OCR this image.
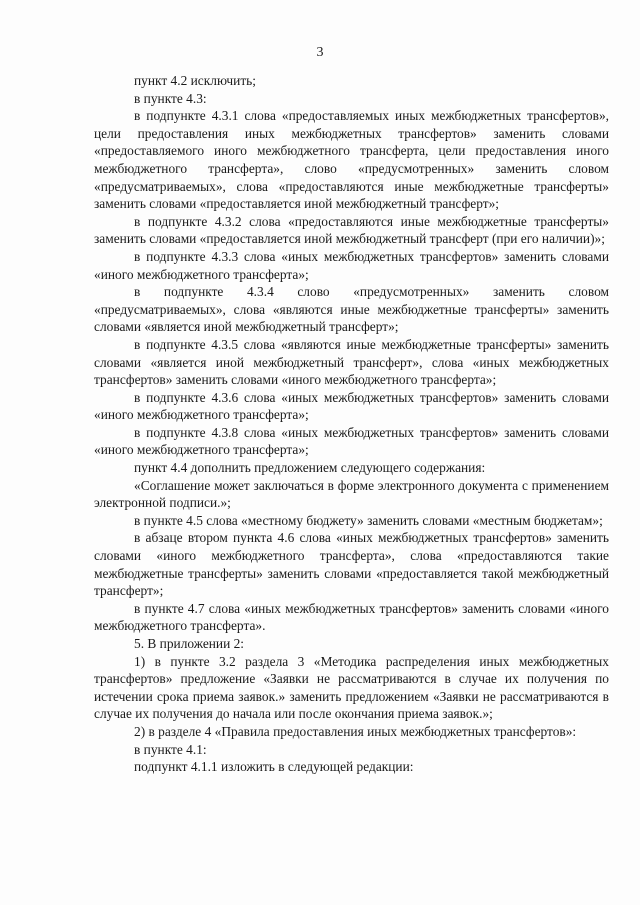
3

пункт 4.2 исключить;

в пункте 4.3:

в подпункте 4.3.1 слова «предоставляемых иных межбюджетных трансфертов», цели предоставления иных межбюджетных трансфертов» заменить словами «предоставляемого иного межбюджетного трансферта, цели предоставления иного межбюджетного трансферта», слово «предусмотренных» заменить словом «предусматриваемых», слова «предоставляются иные межбюджетные трансферты» заменить словами «предоставляется иной межбюджетный трансферт»;

в подпункте 4.3.2 слова «предоставляются иные межбюджетные трансферты» заменить словами «предоставляется иной межбюджетный трансферт (при его наличии)»;

в подпункте 4.3.3 слова «иных межбюджетных трансфертов» заменить словами «иного межбюджетного трансферта»;

в подпункте 4.3.4 слово «предусмотренных» заменить словом «предусматриваемых», слова «являются иные межбюджетные трансферты» заменить словами «является иной межбюджетный трансферт»;

в подпункте 4.3.5 слова «являются иные межбюджетные трансферты» заменить словами «является иной межбюджетный трансферт», слова «иных межбюджетных трансфертов» заменить словами «иного межбюджетного трансферта»;

в подпункте 4.3.6 слова «иных межбюджетных трансфертов» заменить словами «иного межбюджетного трансферта»;

в подпункте 4.3.8 слова «иных межбюджетных трансфертов» заменить словами «иного межбюджетного трансферта»;

пункт 4.4 дополнить предложением следующего содержания:

«Соглашение может заключаться в форме электронного документа с применением электронной подписи.»;

в пункте 4.5 слова «местному бюджету» заменить словами «местным бюджетам»;

в абзаце втором пункта 4.6 слова «иных межбюджетных трансфертов» заменить словами «иного межбюджетного трансферта», слова «предоставляются такие межбюджетные трансферты» заменить словами «предоставляется такой межбюджетный трансферт»;

в пункте 4.7 слова «иных межбюджетных трансфертов» заменить словами «иного межбюджетного трансферта».

5. В приложении 2:

1) в пункте 3.2 раздела 3 «Методика распределения иных межбюджетных трансфертов» предложение «Заявки не рассматриваются в случае их получения по истечении срока приема заявок.» заменить предложением «Заявки не рассматриваются в случае их получения до начала или после окончания приема заявок.»;

2) в разделе 4 «Правила предоставления иных межбюджетных трансфертов»:

в пункте 4.1:

подпункт 4.1.1 изложить в следующей редакции:
